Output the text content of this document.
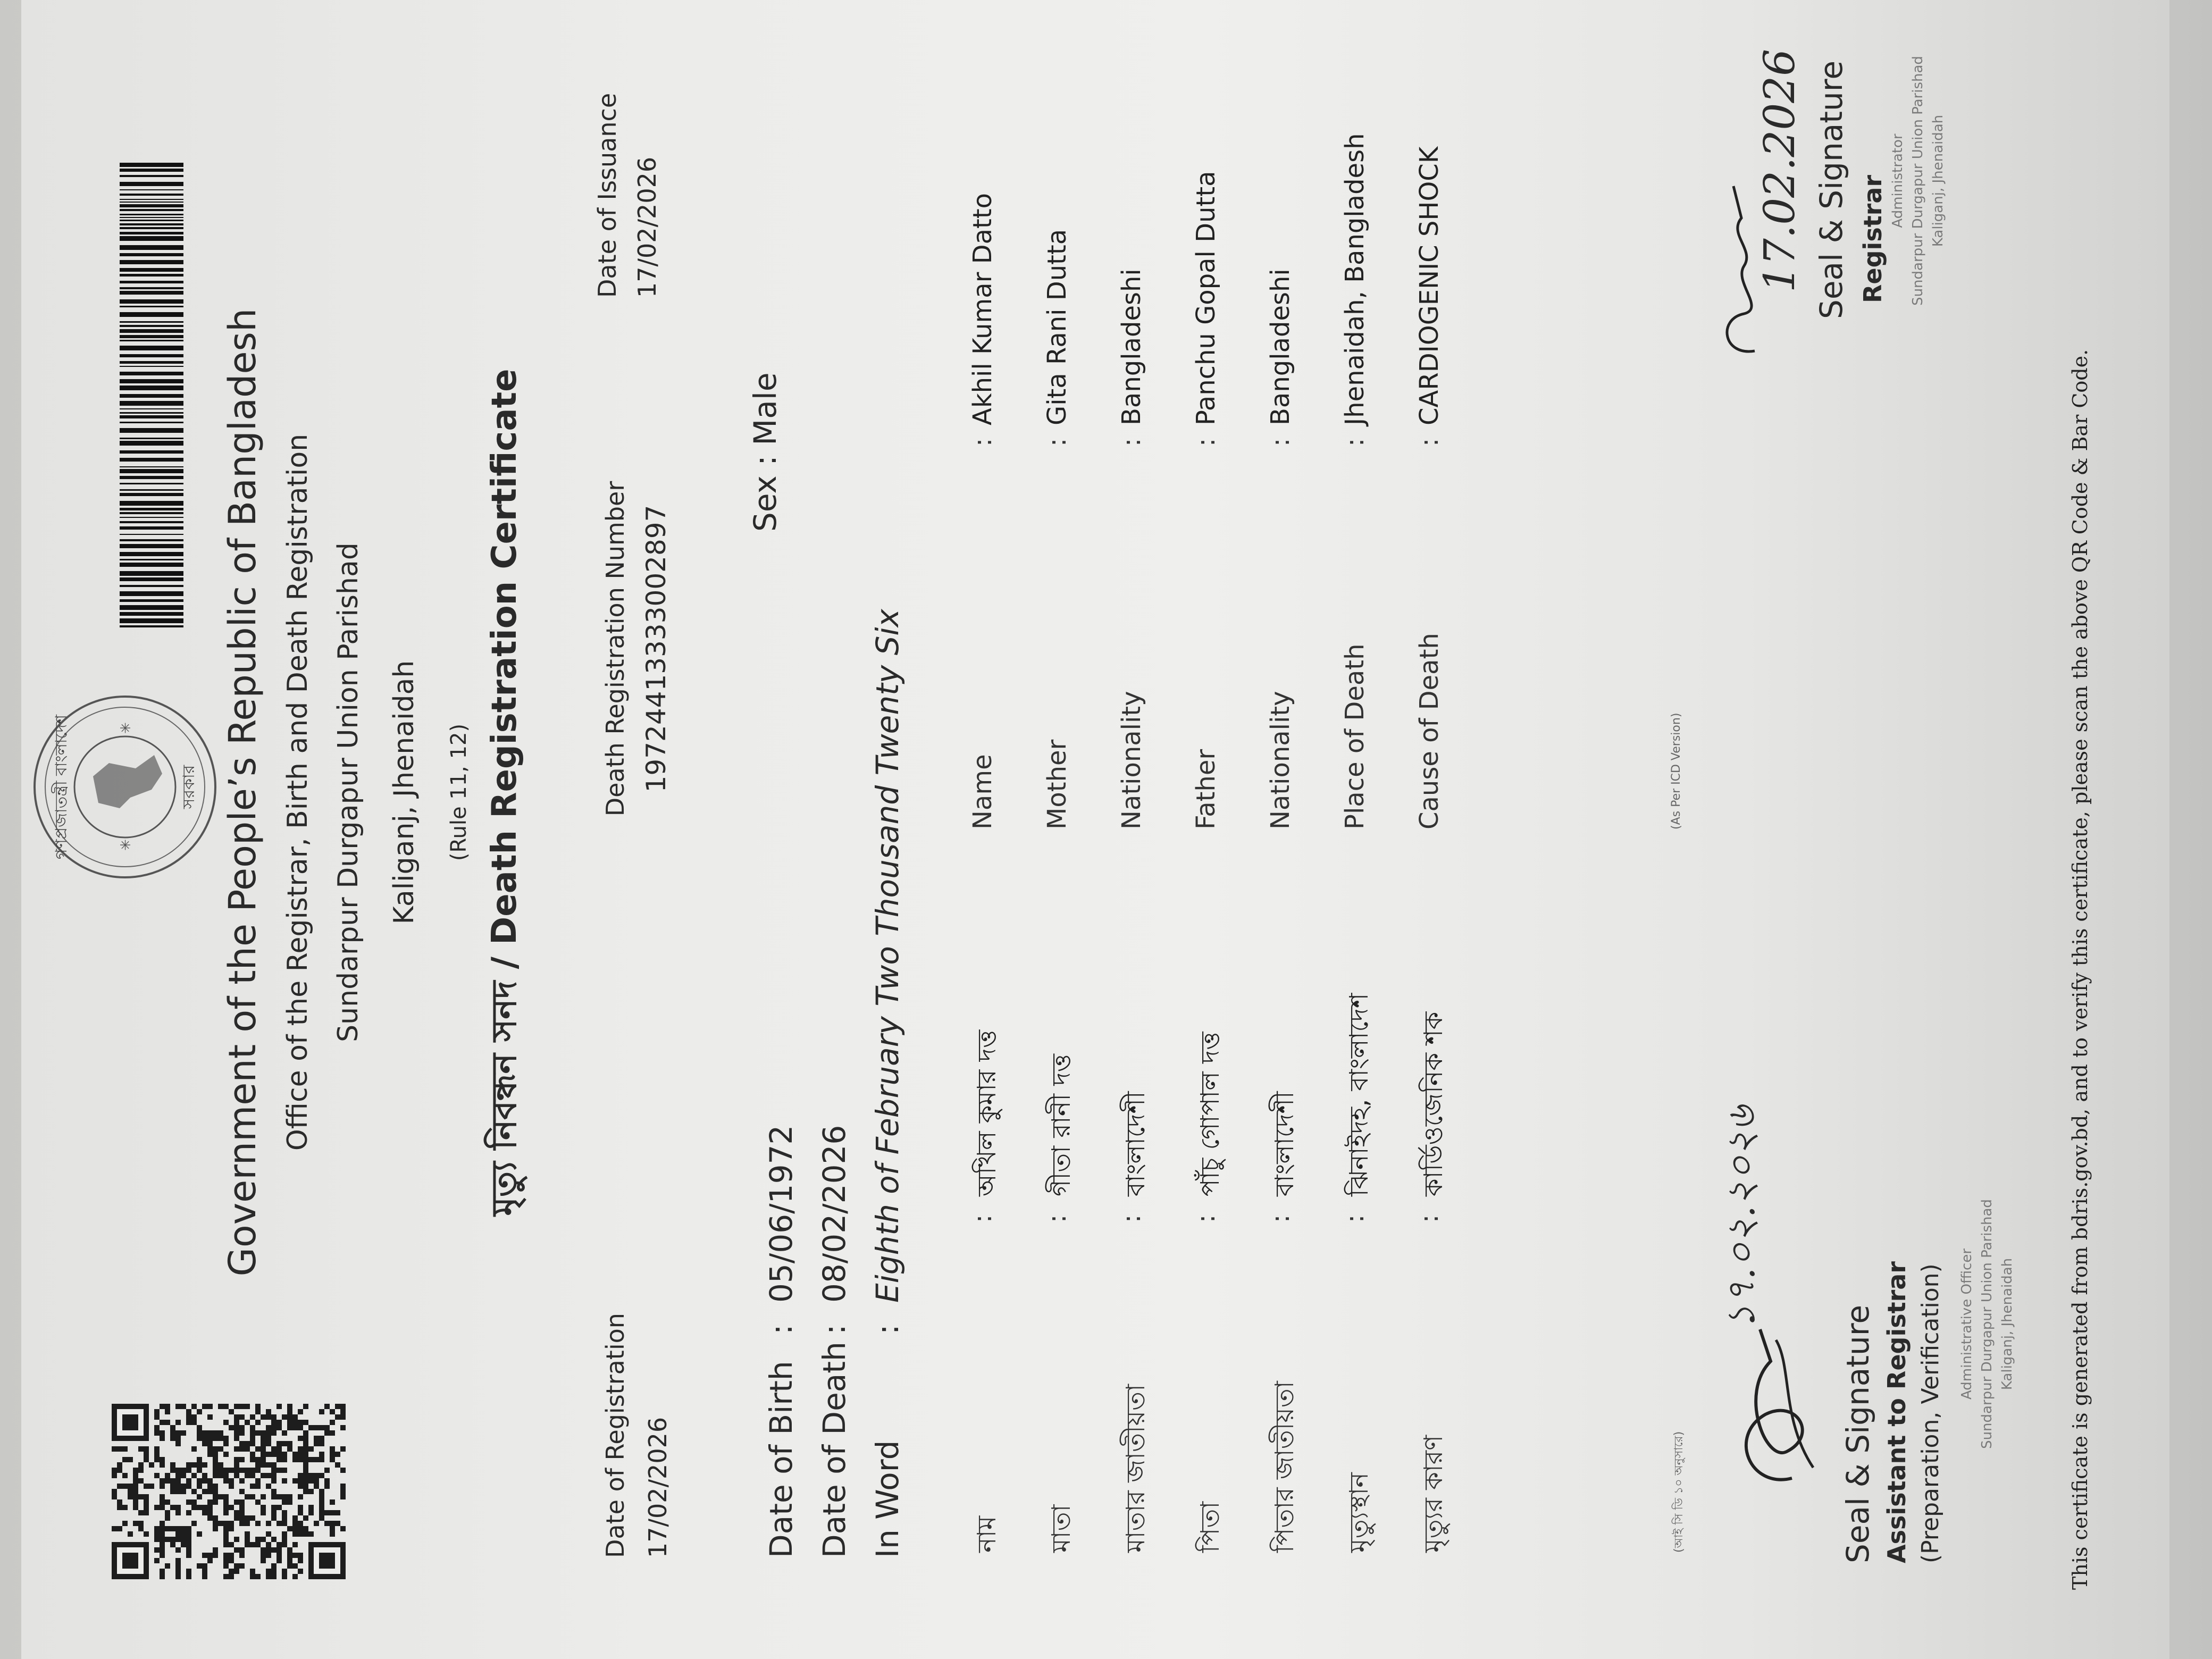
গণপ্রজাতন্ত্রী বাংলাদেশ	সরকার
✳
✳ Government of the People’s Republic of Bangladesh Office of the Registrar, Birth and Death Registration Sundarpur Durgapur Union Parishad Kaliganj, Jhenaidah (Rule 11, 12) মৃত্যু নিবন্ধন সনদ / Death Registration Certificate
Date of Registration 17/02/2026
Death Registration Number 19724413333002897
Date of Issuance 17/02/2026
Date of Birth
:
05/06/1972
Date of Death
:
08/02/2026
In Word
:
Eighth of February Two Thousand Twenty Six
Sex : Male
নাম
:
অখিল কুমার দত্ত
মাতা
:
গীতা রানী দত্ত
মাতার জাতীয়তা
:
বাংলাদেশী
পিতা
:
পাঁচু গোপাল দত্ত
পিতার জাতীয়তা
:
বাংলাদেশী
মৃত্যুস্থান
:
ঝিনাইদহ, বাংলাদেশ
মৃত্যুর কারণ
:
কার্ডিওজেনিক শক
(আই সি ডি ১০ অনুসারে)
Name
:
Akhil Kumar Datto
Mother
:
Gita Rani Dutta
Nationality
:
Bangladeshi
Father
:
Panchu Gopal Dutta
Nationality
:
Bangladeshi
Place of Death
:
Jhenaidah, Bangladesh
Cause of Death
:
CARDIOGENIC SHOCK
(As Per ICD Version)
১৭.০২.২০২৬
Seal & Signature Assistant to Registrar (Preparation, Verification) Administrative Officer Sundarpur Durgapur Union Parishad Kaliganj, Jhenaidah
17.02.2026 Seal & Signature Registrar Administrator Sundarpur Durgapur Union Parishad Kaliganj, Jhenaidah
This certificate is generated from bdris.gov.bd, and to verify this certificate, please scan the above QR Code & Bar Code.
